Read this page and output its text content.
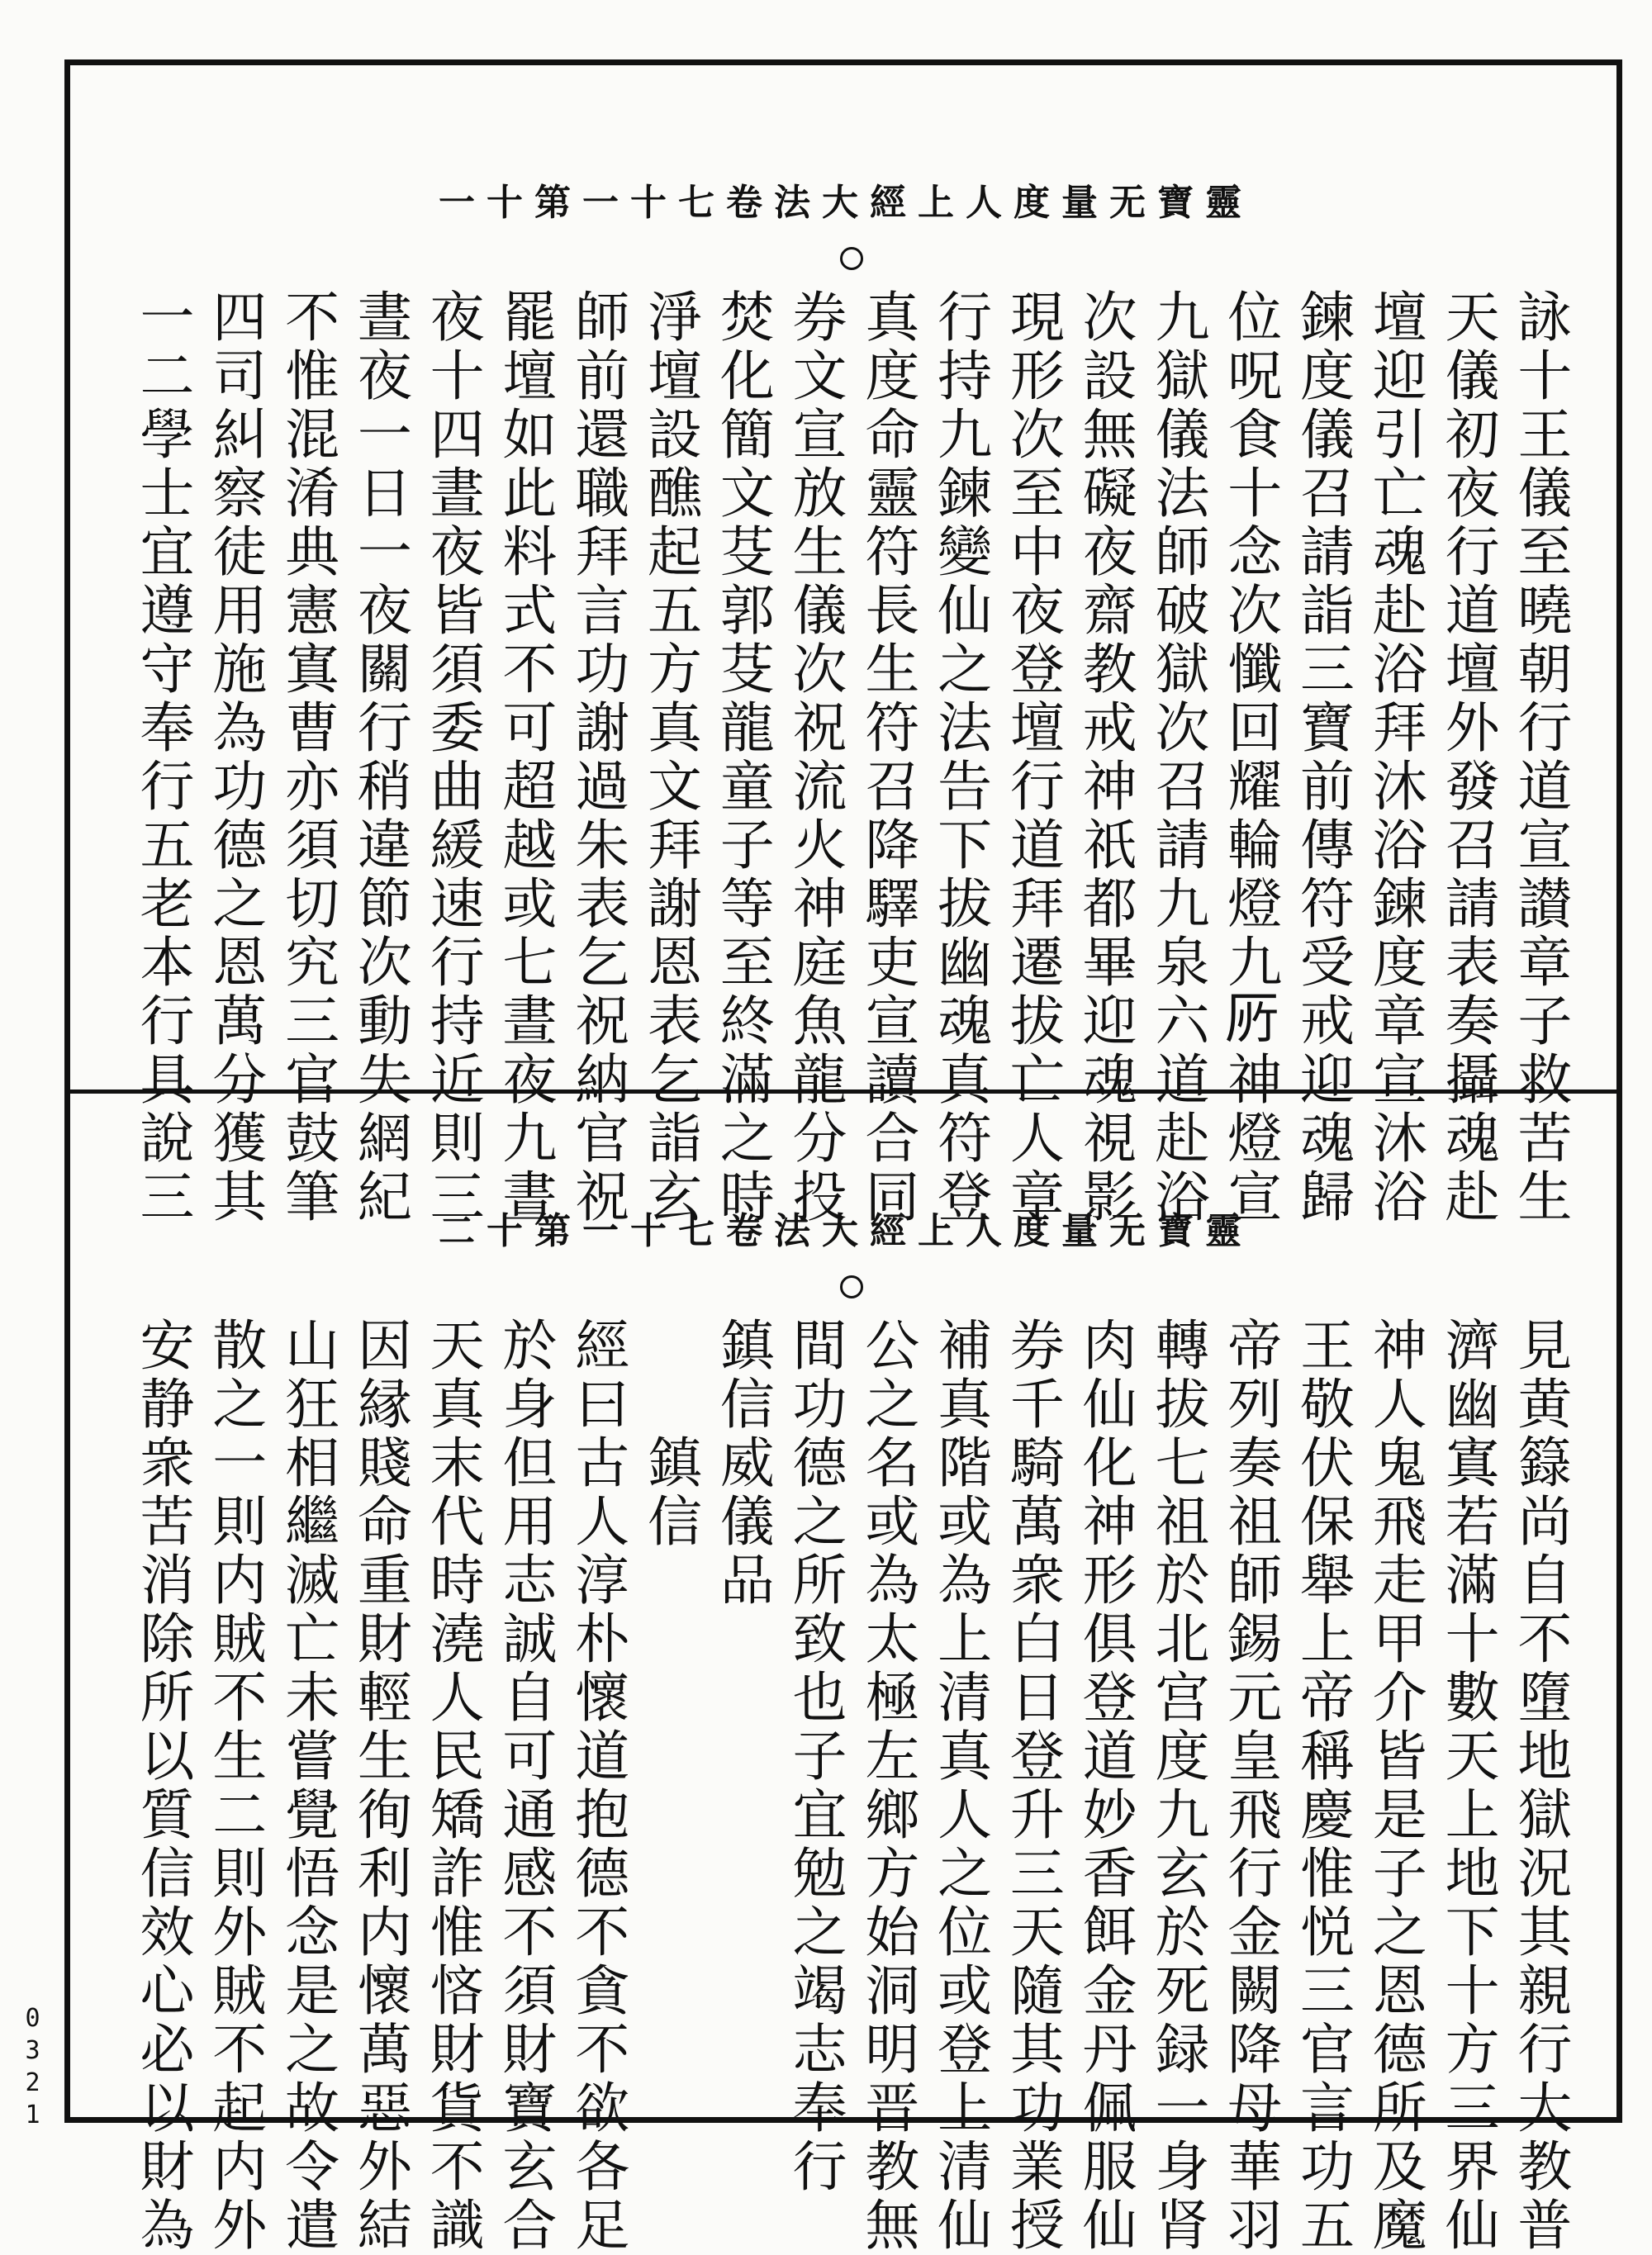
靈寶无量度人上經大法卷七十一第十一
詠十王儀至曉朝行道宣讃章子救苦生
天儀初夜行道壇外發召請表奏攝魂赴
壇迎引亡魂赴浴拜沐浴鍊度章宣沐浴
鍊度儀召請詣三寶前傳符受戒迎魂歸
位呪食十念次懺回耀輪燈九𠩄神燈宣
九獄儀法師破獄次召請九泉六道赴浴
次設無礙夜齋教戒神祇都畢迎魂視影
現形次至中夜登壇行道拜遷拔亡人章
行持九鍊變仙之法告下拔幽魂真符登
真度命靈符長生符召降驛吏宣讀合同
券文宣放生儀次祝流火神庭魚龍分投
焚化簡文芟郭芟龍童子等至終滿之時
淨壇設醮起五方真文拜謝恩表乞詣玄
師前還職拜言功謝過朱表乞祝納官祝
罷壇如此料式不可超越或七晝夜九晝
夜十四晝夜皆須委曲緩速行持近則三
晝夜一日一夜關行稍違節次動失網紀
不惟混淆典憲寘曹亦須切究三官鼓筆
四司糾察徒用施為功德之恩萬分獲其
一二學士宜遵守奉行五老本行具說三
靈寶无量度人上經大法卷七十一第十二
見黄籙尚自不墮地獄況其親行大教普
濟幽寘若滿十數天上地下十方三界仙
神人鬼飛走甲介皆是子之恩德所及魔
王敬伏保舉上帝稱慶惟悦三官言功五
帝列奏祖師錫元皇飛行金闕降母華羽
轉拔七祖於北宫度九玄於死録一身肾
肉仙化神形俱登道妙香餌金丹佩服仙
券千騎萬衆白日登升三天隨其功業授
補真階或為上清真人之位或登上清仙
公之名或為太極左鄉方始洞明晋教無
間功德之所致也子宜勉之竭志奉行
鎮信威儀品
　　鎮信
經曰古人淳朴懷道抱德不貪不欲各足
於身但用志誠自可通感不須財寶玄合
天真末代時澆人民矯詐惟悋財貨不識
因縁賤命重財輕生徇利内懷萬惡外結
山狂相繼滅亡未嘗覺悟念是之故令遣
散之一則内賊不生二則外賊不起内外
安静衆苦消除所以質信效心必以財為
0321
